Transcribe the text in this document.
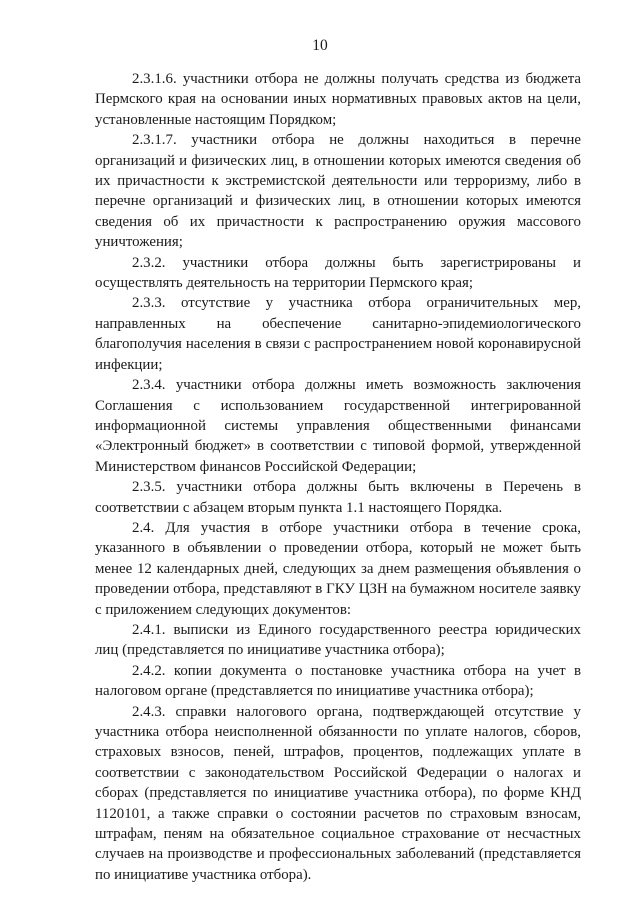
10

2.3.1.6. участники отбора не должны получать средства из бюджета Пермского края на основании иных нормативных правовых актов на цели, установленные настоящим Порядком;

2.3.1.7. участники отбора не должны находиться в перечне организаций и физических лиц, в отношении которых имеются сведения об их причастности к экстремистской деятельности или терроризму, либо в перечне организаций и физических лиц, в отношении которых имеются сведения об их причастности к распространению оружия массового уничтожения;

2.3.2. участники отбора должны быть зарегистрированы и осуществлять деятельность на территории Пермского края;

2.3.3. отсутствие у участника отбора ограничительных мер, направленных на обеспечение санитарно-эпидемиологического благополучия населения в связи с распространением новой коронавирусной инфекции;

2.3.4. участники отбора должны иметь возможность заключения Соглашения с использованием государственной интегрированной информационной системы управления общественными финансами «Электронный бюджет» в соответствии с типовой формой, утвержденной Министерством финансов Российской Федерации;

2.3.5. участники отбора должны быть включены в Перечень в соответствии с абзацем вторым пункта 1.1 настоящего Порядка.

2.4. Для участия в отборе участники отбора в течение срока, указанного в объявлении о проведении отбора, который не может быть менее 12 календарных дней, следующих за днем размещения объявления о проведении отбора, представляют в ГКУ ЦЗН на бумажном носителе заявку с приложением следующих документов:

2.4.1. выписки из Единого государственного реестра юридических лиц (представляется по инициативе участника отбора);

2.4.2. копии документа о постановке участника отбора на учет в налоговом органе (представляется по инициативе участника отбора);

2.4.3. справки налогового органа, подтверждающей отсутствие у участника отбора неисполненной обязанности по уплате налогов, сборов, страховых взносов, пеней, штрафов, процентов, подлежащих уплате в соответствии с законодательством Российской Федерации о налогах и сборах (представляется по инициативе участника отбора), по форме КНД 1120101, а также справки о состоянии расчетов по страховым взносам, штрафам, пеням на обязательное социальное страхование от несчастных случаев на производстве и профессиональных заболеваний (представляется по инициативе участника отбора).
